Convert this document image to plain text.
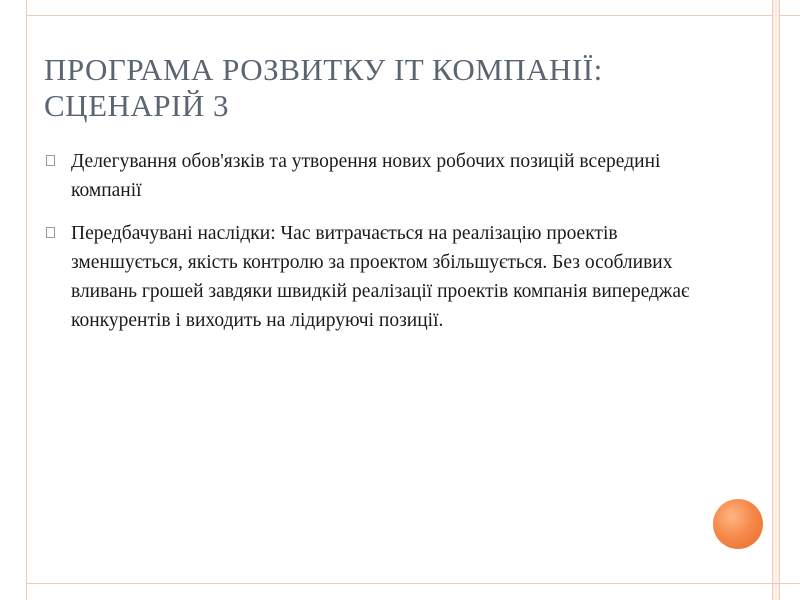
ПРОГРАМА РОЗВИТКУ IT КОМПАНІЇ: СЦЕНАРІЙ 3
Делегування обов'язків та утворення нових робочих позицій всередині компанії
Передбачувані наслідки: Час витрачається на реалізацію проектів зменшується, якість контролю за проектом збільшується. Без особливих вливань грошей завдяки швидкій реалізації проектів компанія випереджає конкурентів і виходить на лідируючі позиції.
